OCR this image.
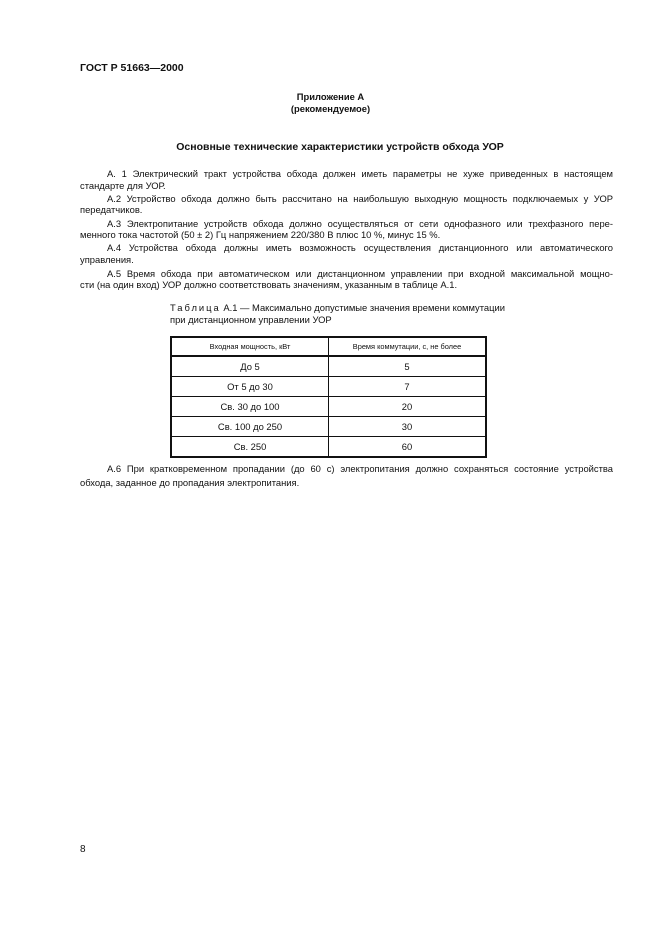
ГОСТ Р 51663—2000
Приложение А
(рекомендуемое)
Основные технические характеристики устройств обхода УОР
А. 1 Электрический тракт устройства обхода должен иметь параметры не хуже приведенных в настоящем
стандарте для УОР.
А.2 Устройство обхода должно быть рассчитано на наибольшую выходную мощность подключаемых у УОР
передатчиков.
А.3 Электропитание устройств обхода должно осуществляться от сети однофазного или трехфазного пере-
менного тока частотой (50 ± 2) Гц напряжением 220/380 В плюс 10 %, минус 15 %.
А.4 Устройства обхода должны иметь возможность осуществления дистанционного или автоматического
управления.
А.5 Время обхода при автоматическом или дистанционном управлении при входной максимальной мощно-
сти (на один вход) УОР должно соответствовать значениям, указанным в таблице А.1.
Таблица А.1 — Максимально допустимые значения времени коммутации
при дистанционном управлении УОР
Входная мощность, кВт	Время коммутации, с, не более
До 5	5
От 5 до 30	7
Св. 30 до 100	20
Св. 100 до 250	30
Св. 250	60
А.6 При кратковременном пропадании (до 60 с) электропитания должно сохраняться состояние устройства
обхода, заданное до пропадания электропитания.
8
